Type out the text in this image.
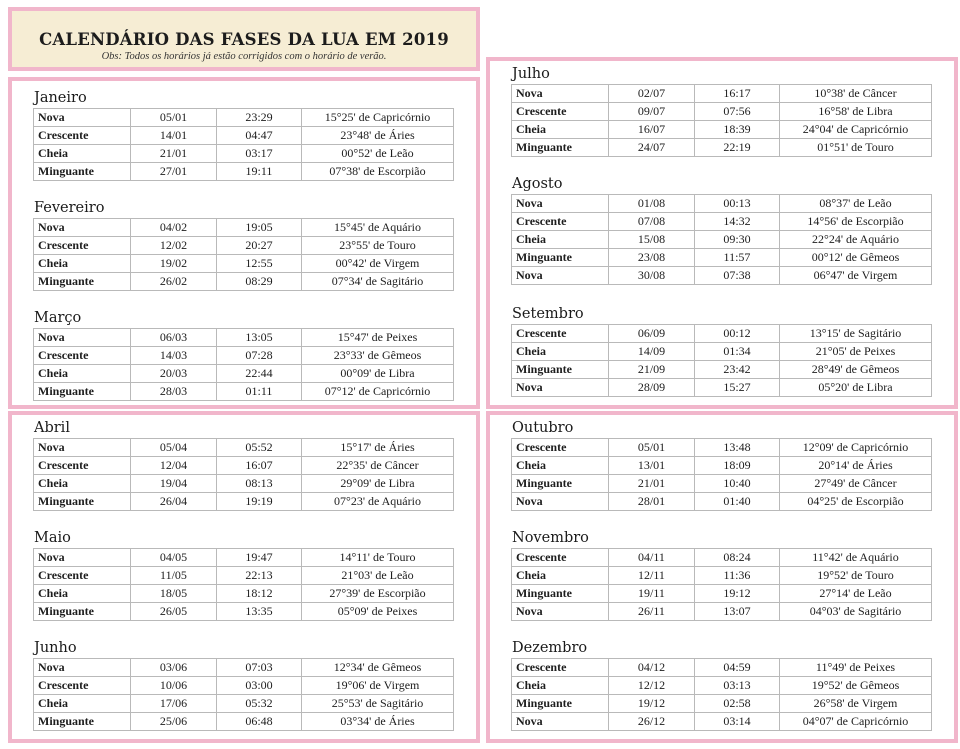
CALENDÁRIO DAS FASES DA LUA EM 2019
Obs: Todos os horários já estão corrigidos com o horário de verão.
Janeiro
Nova	05/01	23:29	15°25' de Capricórnio
Crescente	14/01	04:47	23°48' de Áries
Cheia	21/01	03:17	00°52' de Leão
Minguante	27/01	19:11	07°38' de Escorpião
Fevereiro
Nova	04/02	19:05	15°45' de Aquário
Crescente	12/02	20:27	23°55' de Touro
Cheia	19/02	12:55	00°42' de Virgem
Minguante	26/02	08:29	07°34' de Sagitário
Março
Nova	06/03	13:05	15°47' de Peixes
Crescente	14/03	07:28	23°33' de Gêmeos
Cheia	20/03	22:44	00°09' de Libra
Minguante	28/03	01:11	07°12' de Capricórnio
Abril
Nova	05/04	05:52	15°17' de Áries
Crescente	12/04	16:07	22°35' de Câncer
Cheia	19/04	08:13	29°09' de Libra
Minguante	26/04	19:19	07°23' de Aquário
Maio
Nova	04/05	19:47	14°11' de Touro
Crescente	11/05	22:13	21°03' de Leão
Cheia	18/05	18:12	27°39' de Escorpião
Minguante	26/05	13:35	05°09' de Peixes
Junho
Nova	03/06	07:03	12°34' de Gêmeos
Crescente	10/06	03:00	19°06' de Virgem
Cheia	17/06	05:32	25°53' de Sagitário
Minguante	25/06	06:48	03°34' de Áries
Julho
Nova	02/07	16:17	10°38' de Câncer
Crescente	09/07	07:56	16°58' de Libra
Cheia	16/07	18:39	24°04' de Capricórnio
Minguante	24/07	22:19	01°51' de Touro
Agosto
Nova	01/08	00:13	08°37' de Leão
Crescente	07/08	14:32	14°56' de Escorpião
Cheia	15/08	09:30	22°24' de Aquário
Minguante	23/08	11:57	00°12' de Gêmeos
Nova	30/08	07:38	06°47' de Virgem
Setembro
Crescente	06/09	00:12	13°15' de Sagitário
Cheia	14/09	01:34	21°05' de Peixes
Minguante	21/09	23:42	28°49' de Gêmeos
Nova	28/09	15:27	05°20' de Libra
Outubro
Crescente	05/01	13:48	12°09' de Capricórnio
Cheia	13/01	18:09	20°14' de Áries
Minguante	21/01	10:40	27°49' de Câncer
Nova	28/01	01:40	04°25' de Escorpião
Novembro
Crescente	04/11	08:24	11°42' de Aquário
Cheia	12/11	11:36	19°52' de Touro
Minguante	19/11	19:12	27°14' de Leão
Nova	26/11	13:07	04°03' de Sagitário
Dezembro
Crescente	04/12	04:59	11°49' de Peixes
Cheia	12/12	03:13	19°52' de Gêmeos
Minguante	19/12	02:58	26°58' de Virgem
Nova	26/12	03:14	04°07' de Capricórnio
